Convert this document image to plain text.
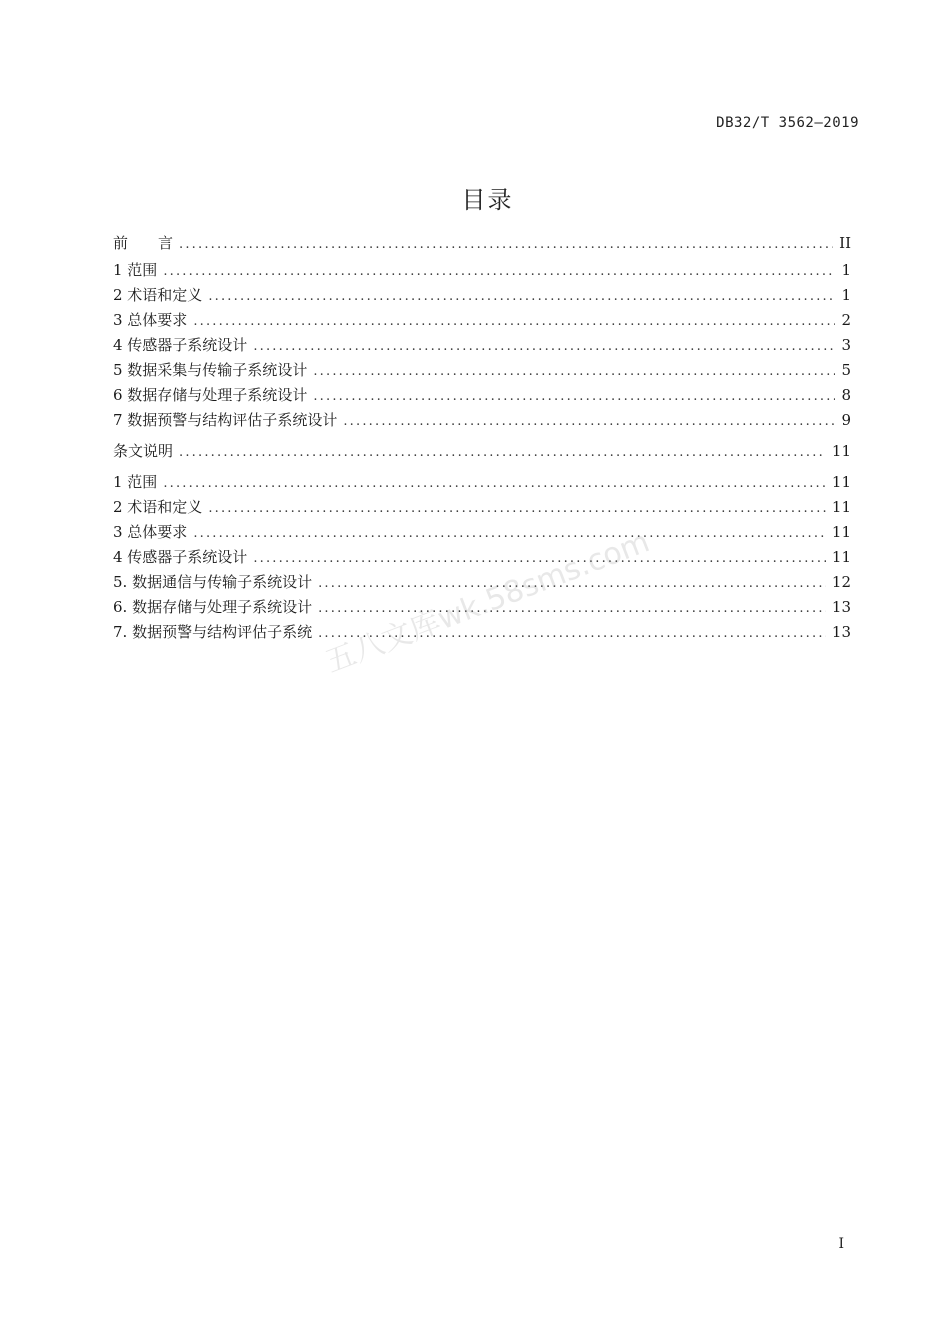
DB32/T 3562—2019
目录
前　　言 .....	II
1 范围 .....	1
2 术语和定义 .....	1
3 总体要求 .....	2
4 传感器子系统设计 .....	3
5 数据采集与传输子系统设计 .....	5
6 数据存储与处理子系统设计 .....	8
7 数据预警与结构评估子系统设计 .....	9
条文说明 .....	11
1 范围 .....	11
2 术语和定义 .....	11
3 总体要求 .....	11
4 传感器子系统设计 .....	11
5. 数据通信与传输子系统设计 .....	12
6. 数据存储与处理子系统设计 .....	13
7. 数据预警与结构评估子系统 .....	13
五八文库wk.58sms.com
I
